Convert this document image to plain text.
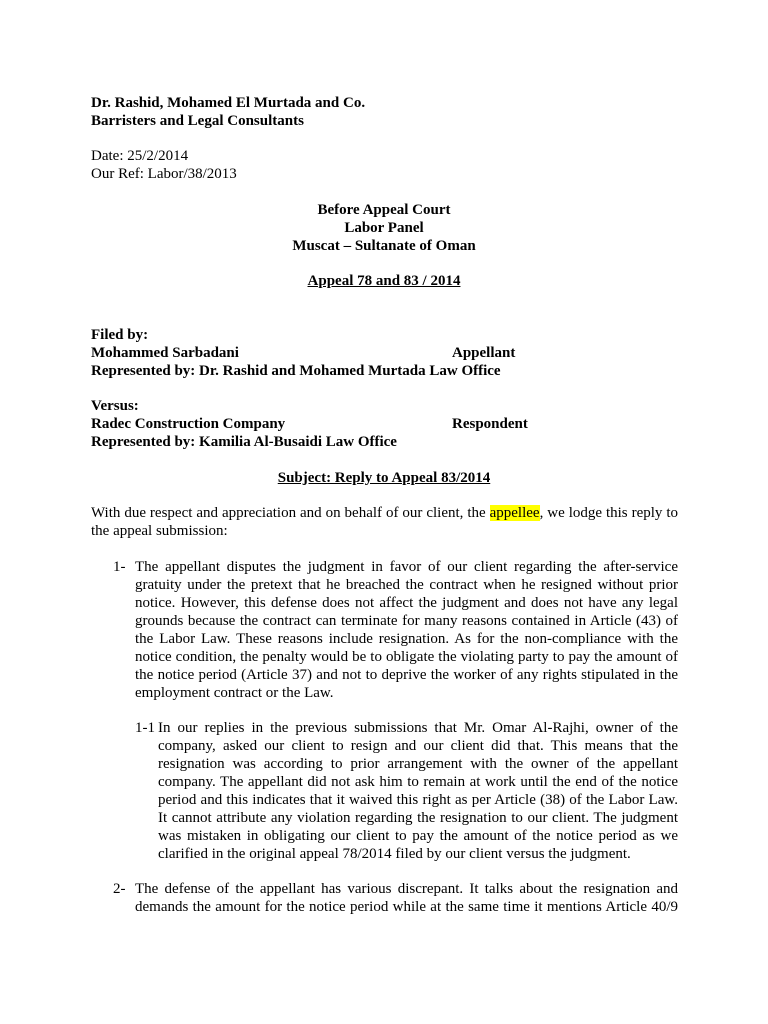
Dr. Rashid, Mohamed El Murtada and Co.
Barristers and Legal Consultants
Date: 25/2/2014
Our Ref: Labor/38/2013
Before Appeal Court
Labor Panel
Muscat – Sultanate of Oman
Appeal 78 and 83 / 2014
Filed by:
Mohammed Sarbadani	Appellant
Represented by: Dr. Rashid and Mohamed Murtada Law Office
Versus:
Radec Construction Company	Respondent
Represented by: Kamilia Al-Busaidi Law Office
Subject: Reply to Appeal 83/2014
With due respect and appreciation and on behalf of our client, the appellee, we lodge this reply to
the appeal submission:
1- The appellant disputes the judgment in favor of our client regarding the after-service
gratuity under the pretext that he breached the contract when he resigned without prior
notice. However, this defense does not affect the judgment and does not have any legal
grounds because the contract can terminate for many reasons contained in Article (43) of
the Labor Law. These reasons include resignation. As for the non-compliance with the
notice condition, the penalty would be to obligate the violating party to pay the amount of
the notice period (Article 37) and not to deprive the worker of any rights stipulated in the
employment contract or the Law.
1-1 In our replies in the previous submissions that Mr. Omar Al-Rajhi, owner of the
company, asked our client to resign and our client did that. This means that the
resignation was according to prior arrangement with the owner of the appellant
company. The appellant did not ask him to remain at work until the end of the notice
period and this indicates that it waived this right as per Article (38) of the Labor Law.
It cannot attribute any violation regarding the resignation to our client. The judgment
was mistaken in obligating our client to pay the amount of the notice period as we
clarified in the original appeal 78/2014 filed by our client versus the judgment.
2- The defense of the appellant has various discrepant. It talks about the resignation and
demands the amount for the notice period while at the same time it mentions Article 40/9
